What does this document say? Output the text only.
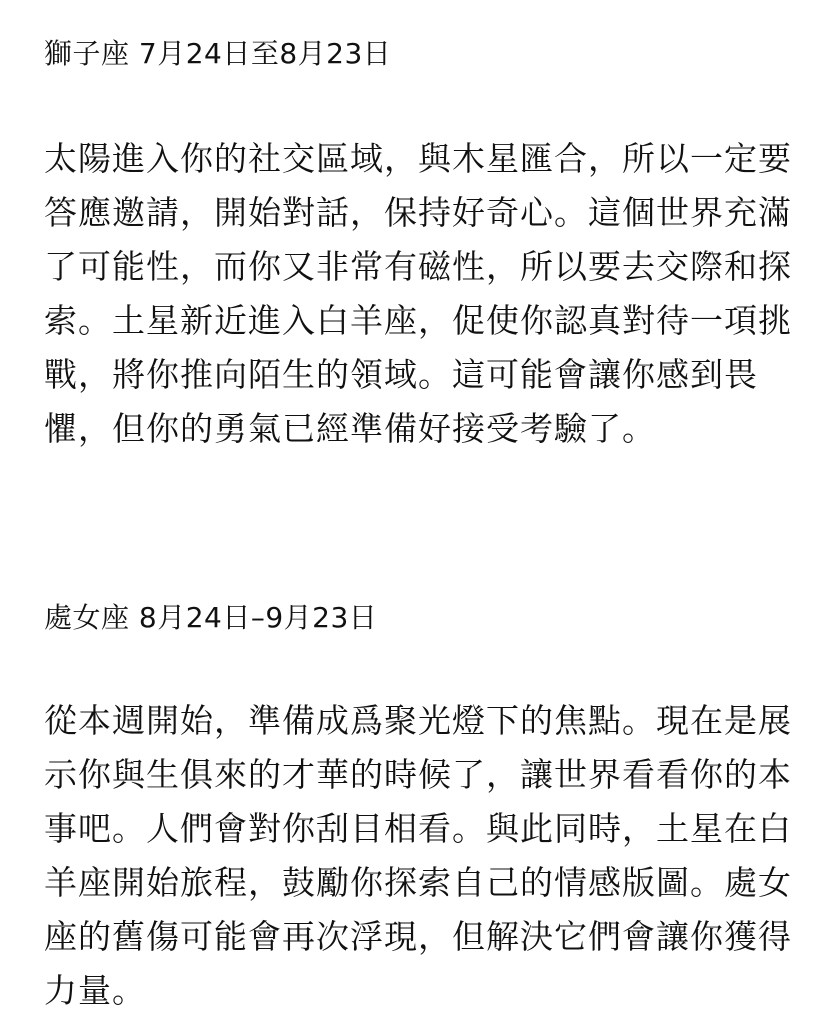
獅子座 7月24日至8月23日

太陽進入你的社交區域，與木星匯合，所以一定要
答應邀請，開始對話，保持好奇心。這個世界充滿
了可能性，而你又非常有磁性，所以要去交際和探
索。土星新近進入白羊座，促使你認真對待一項挑
戰，將你推向陌生的領域。這可能會讓你感到畏
懼，但你的勇氣已經準備好接受考驗了。

處女座 8月24日–9月23日

從本週開始，準備成爲聚光燈下的焦點。現在是展
示你與生俱來的才華的時候了，讓世界看看你的本
事吧。人們會對你刮目相看。與此同時，土星在白
羊座開始旅程，鼓勵你探索自己的情感版圖。處女
座的舊傷可能會再次浮現，但解決它們會讓你獲得
力量。
